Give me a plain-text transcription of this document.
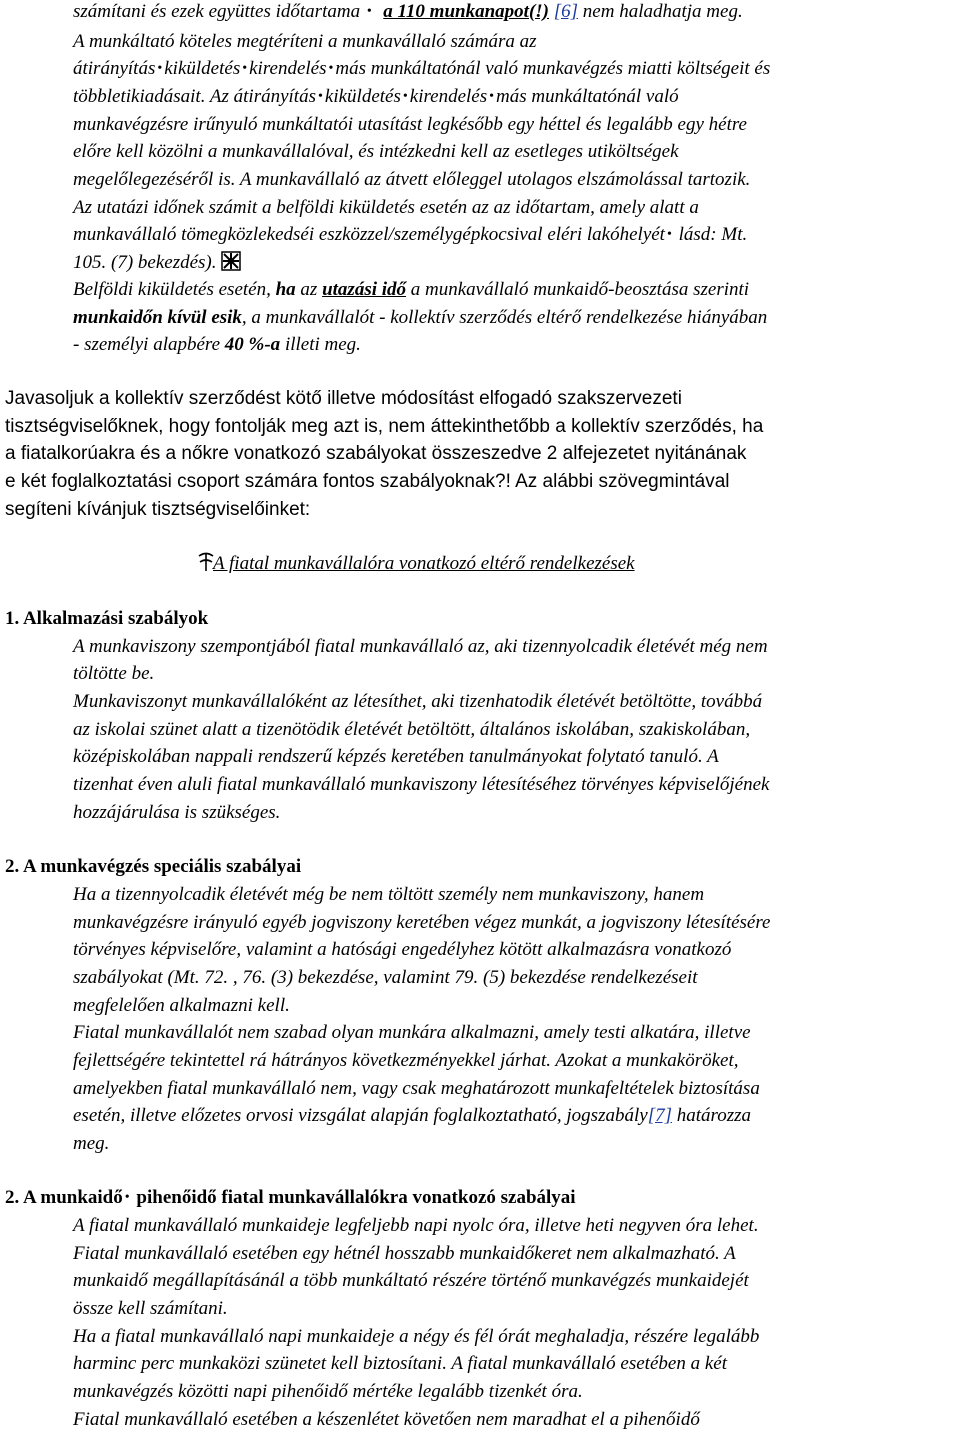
számítani és ezek együttes időtartama • a 110 munkanapot(!) [6] nem haladhatja meg.
A munkáltató köteles megtéríteni a munkavállaló számára az
átirányítás • kiküldetés • kirendelés • más munkáltatónál való munkavégzés miatti költségeit és
többletikiadásait. Az átirányítás • kiküldetés • kirendelés • más munkáltatónál való
munkavégzésre irűnyuló munkáltatói utasítást legkésőbb egy héttel és legalább egy hétre
előre kell közölni a munkavállalóval, és intézkedni kell az esetleges utiköltségek
megelőlegezéséről is. A munkavállaló az átvett előleggel utolagos elszámolással tartozik.
Az utatázi időnek számit a belföldi kiküldetés esetén az az időtartam, amely alatt a
munkavállaló tömegközlekedséi eszközzel/személygépkocsival eléri lakóhelyét • lásd: Mt.
105. (7) bekezdés).
Belföldi kiküldetés esetén, ha az utazási idő a munkavállaló munkaidő-beosztása szerinti
munkaidőn kívül esik, a munkavállalót - kollektív szerződés eltérő rendelkezése hiányában
- személyi alapbére 40 %-a illeti meg.
Javasoljuk a kollektív szerződést kötő illetve módosítást elfogadó szakszervezeti
tisztségviselőknek, hogy fontolják meg azt is, nem áttekinthetőbb a kollektív szerződés, ha
a fiatalkorúakra és a nőkre vonatkozó szabályokat összeszedve 2 alfejezetet nyitánának
e két foglalkoztatási csoport számára fontos szabályoknak?! Az alábbi szövegmintával
segíteni kívánjuk tisztségviselőinket:
A fiatal munkavállalóra vonatkozó eltérő rendelkezések
1. Alkalmazási szabályok
A munkaviszony szempontjából fiatal munkavállaló az, aki tizennyolcadik életévét még nem
töltötte be.
Munkaviszonyt munkavállalóként az létesíthet, aki tizenhatodik életévét betöltötte, továbbá
az iskolai szünet alatt a tizenötödik életévét betöltött, általános iskolában, szakiskolában,
középiskolában nappali rendszerű képzés keretében tanulmányokat folytató tanuló. A
tizenhat éven aluli fiatal munkavállaló munkaviszony létesítéséhez törvényes képviselőjének
hozzájárulása is szükséges.
2. A munkavégzés speciális szabályai
Ha a tizennyolcadik életévét még be nem töltött személy nem munkaviszony, hanem
munkavégzésre irányuló egyéb jogviszony keretében végez munkát, a jogviszony létesítésére
törvényes képviselőre, valamint a hatósági engedélyhez kötött alkalmazásra vonatkozó
szabályokat (Mt. 72. , 76. (3) bekezdése, valamint 79. (5) bekezdése rendelkezéseit
megfelelően alkalmazni kell.
Fiatal munkavállalót nem szabad olyan munkára alkalmazni, amely testi alkatára, illetve
fejlettségére tekintettel rá hátrányos következményekkel járhat. Azokat a munkaköröket,
amelyekben fiatal munkavállaló nem, vagy csak meghatározott munkafeltételek biztosítása
esetén, illetve előzetes orvosi vizsgálat alapján foglalkoztatható, jogszabály[7] határozza
meg.
2. A munkaidő • pihenőidő fiatal munkavállalókra vonatkozó szabályai
A fiatal munkavállaló munkaideje legfeljebb napi nyolc óra, illetve heti negyven óra lehet.
Fiatal munkavállaló esetében egy hétnél hosszabb munkaidőkeret nem alkalmazható. A
munkaidő megállapításánál a több munkáltató részére történő munkavégzés munkaidejét
össze kell számítani.
Ha a fiatal munkavállaló napi munkaideje a négy és fél órát meghaladja, részére legalább
harminc perc munkaközi szünetet kell biztosítani. A fiatal munkavállaló esetében a két
munkavégzés közötti napi pihenőidő mértéke legalább tizenkét óra.
Fiatal munkavállaló esetében a készenlétet követően nem maradhat el a pihenőidő
